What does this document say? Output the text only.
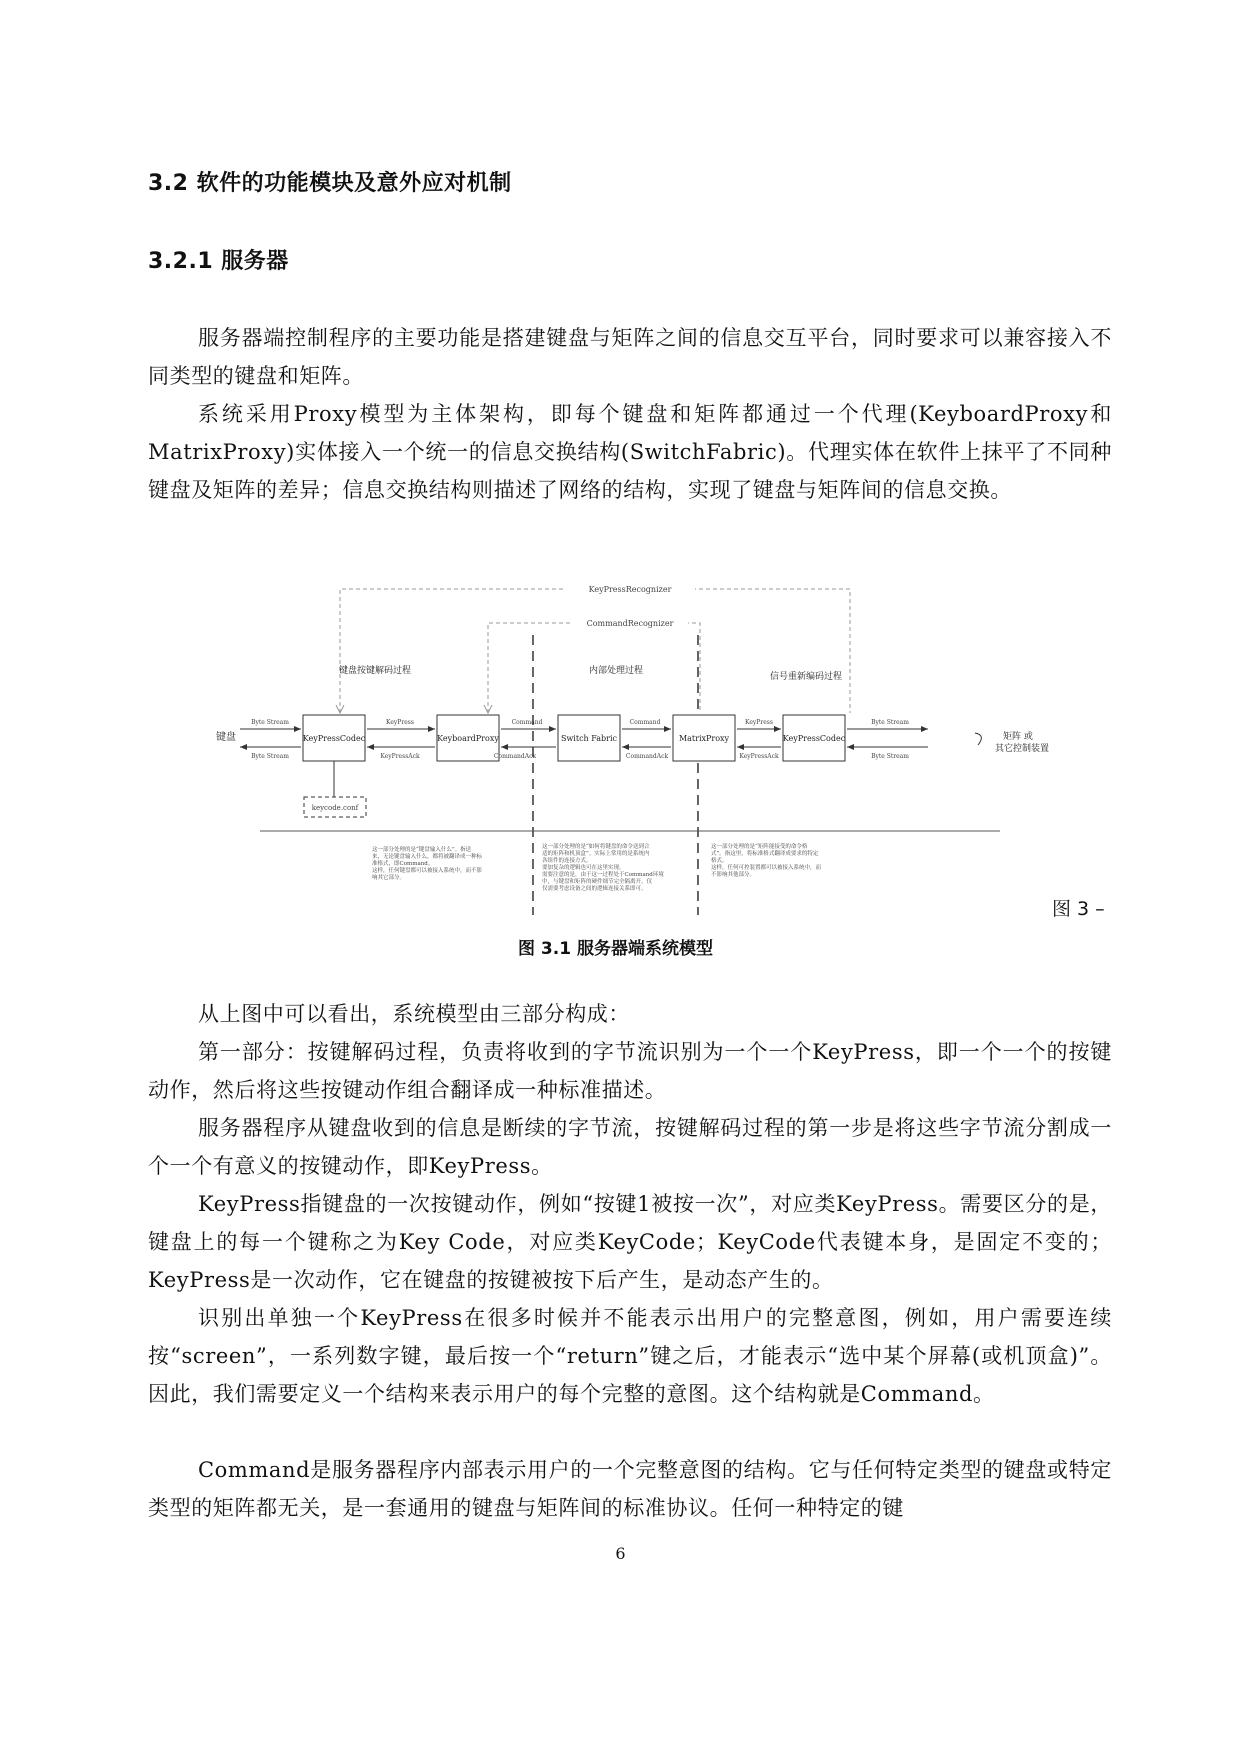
3.2 软件的功能模块及意外应对机制
3.2.1 服务器

服务器端控制程序的主要功能是搭建键盘与矩阵之间的信息交互平台，同时要求可以兼容接入不同类型的键盘和矩阵。

系统采用Proxy模型为主体架构，即每个键盘和矩阵都通过一个代理(KeyboardProxy和MatrixProxy)实体接入一个统一的信息交换结构(SwitchFabric)。代理实体在软件上抹平了不同种键盘及矩阵的差异；信息交换结构则描述了网络的结构，实现了键盘与矩阵间的信息交换。

KeyPressRecognizer
CommandRecognizer
键盘按键解码过程	内部处理过程
信号重新编码过程
键盘	矩阵 或
其它控制装置
KeyPressCodec	KeyboardProxy	Switch Fabric	MatrixProxy	KeyPressCodec
Byte Stream
Byte Stream
KeyPress
KeyPressAck
Command
CommandAck
Command
CommandAck
KeyPress
KeyPressAck
Byte Stream
Byte Stream
keycode.conf
这一部分处理的是“键盘输入什么”。指送
来，无论键盘输入什么，都将被翻译成一种标
准格式，即Command。
这样，任何键盘都可以被接入系统中，而不影
响其它部分。
这一部分处理的是“如何将键盘的命令送到合
适的矩阵和机顶盒”。实际上常用的是系统内
各组件的连接方式。
要加复杂的逻辑也可在这里实现。
需要注意的是，由于这一过程处于Command环境
中，与键盘和矩阵的硬件细节完全隔离开。仅
仅需要考虑设备之间的逻辑连接关系即可。
这一部分处理的是“矩阵能接受的命令格
式”。指这里，将标准格式翻译成要求的特定
格式。
这样，任何可控装置都可以被接入系统中，而
不影响其他部分。
图 3 –
图 3.1 服务器端系统模型

从上图中可以看出，系统模型由三部分构成：

第一部分：按键解码过程，负责将收到的字节流识别为一个一个KeyPress，即一个一个的按键动作，然后将这些按键动作组合翻译成一种标准描述。

服务器程序从键盘收到的信息是断续的字节流，按键解码过程的第一步是将这些字节流分割成一个一个有意义的按键动作，即KeyPress。

KeyPress指键盘的一次按键动作，例如“按键1被按一次”，对应类KeyPress。需要区分的是，键盘上的每一个键称之为Key Code，对应类KeyCode；KeyCode代表键本身，是固定不变的；KeyPress是一次动作，它在键盘的按键被按下后产生，是动态产生的。

识别出单独一个KeyPress在很多时候并不能表示出用户的完整意图，例如，用户需要连续按“screen”，一系列数字键，最后按一个“return”键之后，才能表示“选中某个屏幕(或机顶盒)”。因此，我们需要定义一个结构来表示用户的每个完整的意图。这个结构就是Command。

Command是服务器程序内部表示用户的一个完整意图的结构。它与任何特定类型的键盘或特定类型的矩阵都无关，是一套通用的键盘与矩阵间的标准协议。任何一种特定的键

6
